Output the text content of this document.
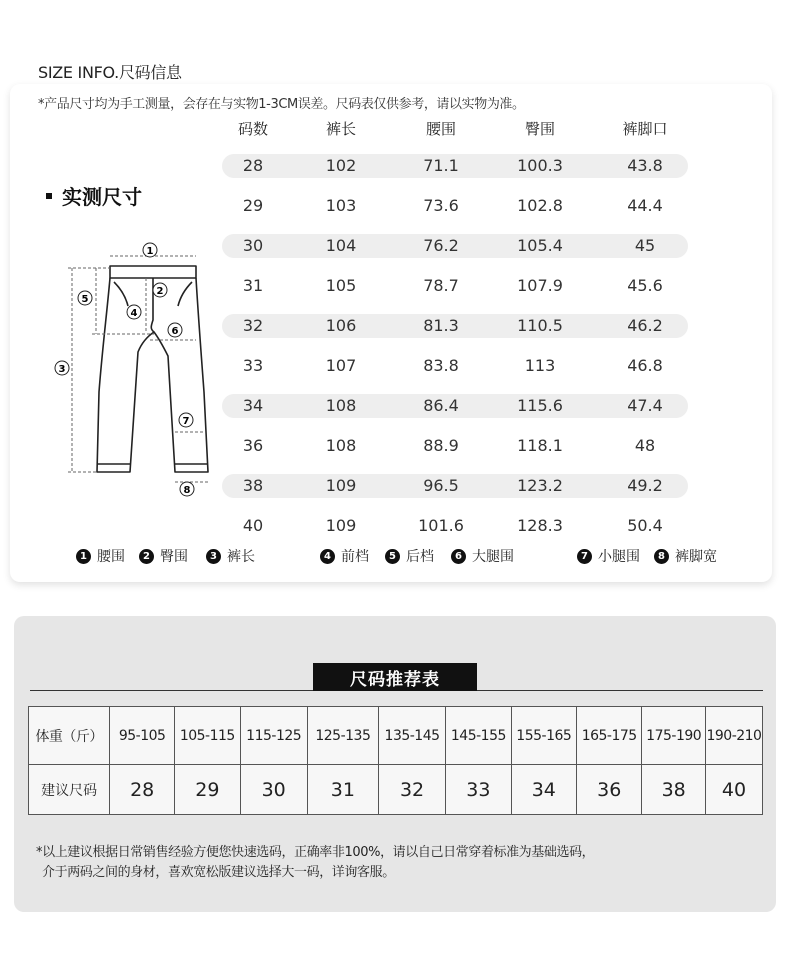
SIZE INFO.尺码信息
*产品尺寸均为手工测量，会存在与实物1-3CM误差。尺码表仅供参考，请以实物为准。
实测尺寸
码数	裤长	腰围	臀围	裤脚口
28	102	71.1	100.3	43.8
29	103	73.6	102.8	44.4
30	104	76.2	105.4	45
31	105	78.7	107.9	45.6
32	106	81.3	110.5	46.2
33	107	83.8	113	46.8
34	108	86.4	115.6	47.4
36	108	88.9	118.1	48
38	109	96.5	123.2	49.2
40	109	101.6	128.3	50.4
1
2
3
4
5
6
7
8
1 腰围	2 臀围	3 裤长	4 前档	5 后档	6 大腿围	7 小腿围	8 裤脚宽
尺码推荐表
体重（斤）	95-105	105-115	115-125	125-135	135-145	145-155	155-165	165-175	175-190	190-210
建议尺码	28	29	30	31	32	33	34	36	38	40
*以上建议根据日常销售经验方便您快速选码，正确率非100%，请以自己日常穿着标准为基础选码，
介于两码之间的身材，喜欢宽松版建议选择大一码，详询客服。
